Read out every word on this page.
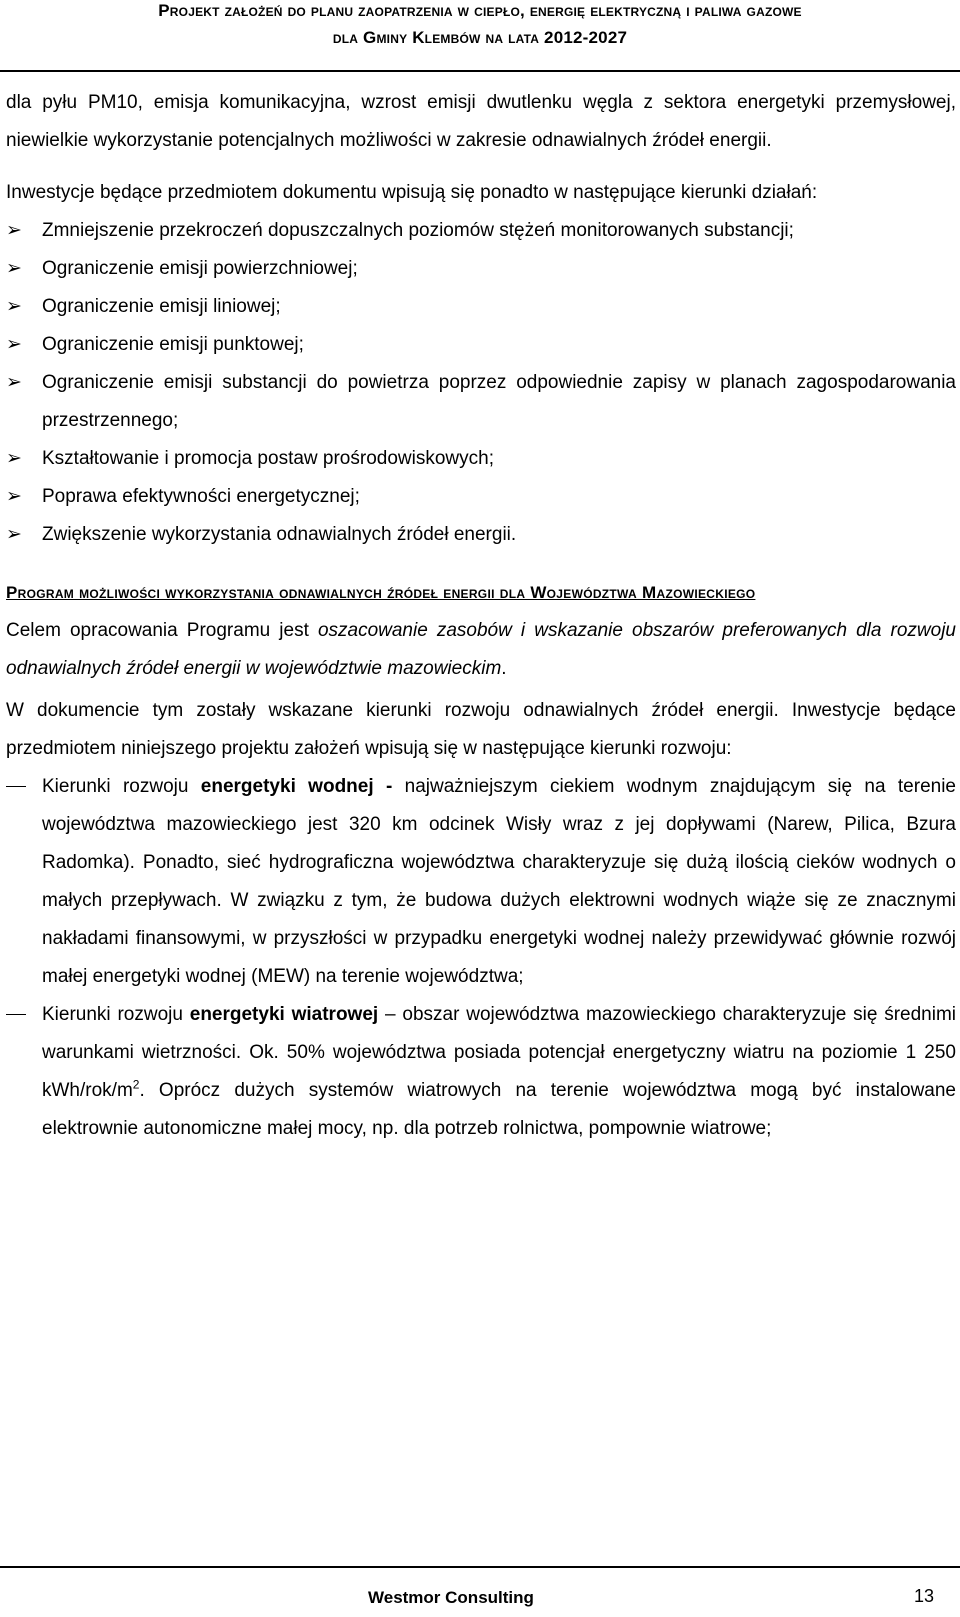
Projekt założeń do planu zaopatrzenia w ciepło, energię elektryczną i paliwa gazowe
dla Gminy Klembów na lata 2012-2027

dla pyłu PM10, emisja komunikacyjna, wzrost emisji dwutlenku węgla z sektora energetyki przemysłowej, niewielkie wykorzystanie potencjalnych możliwości w zakresie odnawialnych źródeł energii.

Inwestycje będące przedmiotem dokumentu wpisują się ponadto w następujące kierunki działań:

➢	Zmniejszenie przekroczeń dopuszczalnych poziomów stężeń monitorowanych substancji;
➢	Ograniczenie emisji powierzchniowej;
➢	Ograniczenie emisji liniowej;
➢	Ograniczenie emisji punktowej;
➢	Ograniczenie emisji substancji do powietrza poprzez odpowiednie zapisy w planach zagospodarowania przestrzennego;
➢	Kształtowanie i promocja postaw prośrodowiskowych;
➢	Poprawa efektywności energetycznej;
➢	Zwiększenie wykorzystania odnawialnych źródeł energii.
Program możliwości wykorzystania odnawialnych źródeł energii dla Województwa Mazowieckiego

Celem opracowania Programu jest oszacowanie zasobów i wskazanie obszarów preferowanych dla rozwoju odnawialnych źródeł energii w województwie mazowieckim.

W dokumencie tym zostały wskazane kierunki rozwoju odnawialnych źródeł energii. Inwestycje będące przedmiotem niniejszego projektu założeń wpisują się w następujące kierunki rozwoju:

Kierunki rozwoju energetyki wodnej - najważniejszym ciekiem wodnym znajdującym się na terenie województwa mazowieckiego jest 320 km odcinek Wisły wraz z jej dopływami (Narew, Pilica, Bzura Radomka). Ponadto, sieć hydrograficzna województwa charakteryzuje się dużą ilością cieków wodnych o małych przepływach. W związku z tym, że budowa dużych elektrowni wodnych wiąże się ze znacznymi nakładami finansowymi, w przyszłości w przypadku energetyki wodnej należy przewidywać głównie rozwój małej energetyki wodnej (MEW) na terenie województwa;
Kierunki rozwoju energetyki wiatrowej – obszar województwa mazowieckiego charakteryzuje się średnimi warunkami wietrzności. Ok. 50% województwa posiada potencjał energetyczny wiatru na poziomie 1 250 kWh/$rok/m^2$. Oprócz dużych systemów wiatrowych na terenie województwa mogą być instalowane elektrownie autonomiczne małej mocy, np. dla potrzeb rolnictwa, pompownie wiatrowe;
Westmor Consulting	13
